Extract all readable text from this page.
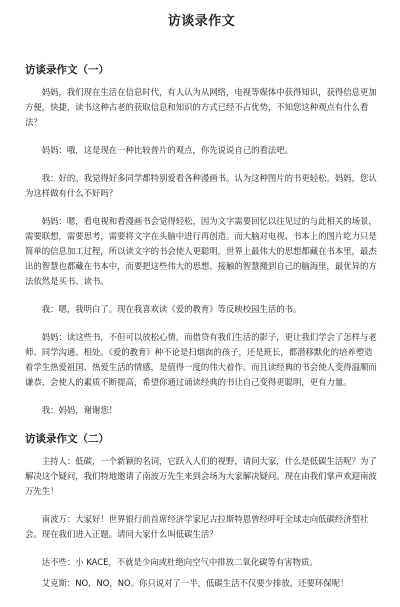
访谈录作文
访谈录作文（一）

妈妈，我们现在生活在信息时代，有人认为从网络，电视等媒体中获得知识，获得信息更加方便，快捷，读书这种古老的获取信息和知识的方式已经不占优势，不知您这种观点有什么看法？

妈妈：哦，这是现在一种比较普片的观点，你先说说自己的看法吧。

我：好的。我觉得好多同学都特别爱看各种漫画书。认为这种图片的书更轻松。妈妈，您认为这样做有什么不好吗？

妈妈：嗯，看电视和看漫画书会觉得轻松，因为文字需要回忆以往见过的与此相关的场景，需要联想，需要思考，需要将文字在头脑中进行再创造。而大脑对电视、书本上的图片吃力只是简单的信息加工过程，所以读文字的书会使人更聪明。世界上最伟大的思想都藏在书本里，最杰出的智慧也都藏在书本中，而要把这些伟大的思想、接触的智慧搬到自己的脑海里，最优异的方法依然是买书、读书。

我：嗯，我明白了。现在我喜欢读《爱的教育》等反映校园生活的书。

妈妈：读这些书，不但可以放松心情，而借贷有我们生活的影子，更让我们学会了怎样与老师、同学沟通、相处。《爱的教育》种不论是扫烟囱的孩子，还是班长，都潜移默化的培养塑造着学生热爱祖国、热爱生活的情感，是值得一度的伟大着作。而且读经典的书会使人变得温顺而谦恭，会使人的素质不断提高，希望你通过诵读经典的书让自己变得更聪明，更有力量。

我：妈妈，谢谢您！

访谈录作文（二）

主持人：低碳，一个新颖的名词，它跃入人们的视野，请问大家，什么是低碳生活呢？为了解决这个疑问，我们特地邀请了南波万先生来到会场为大家解决疑问。现在由我们掌声欢迎南波万先生！

南波万：大家好！世界银行前首席经济学家尼古拉斯特恩曾经呼吁全球走向低碳经济型社会。现在我们进入正题。请问大家什么叫低碳生活？

达不些：小 KACE，不就是少向或杜绝向空气中排放二氧化碳等有害物质。

艾克斯：NO，NO，NO。你只说对了一半，低碳生活不仅要少排放，还要环保呢！
